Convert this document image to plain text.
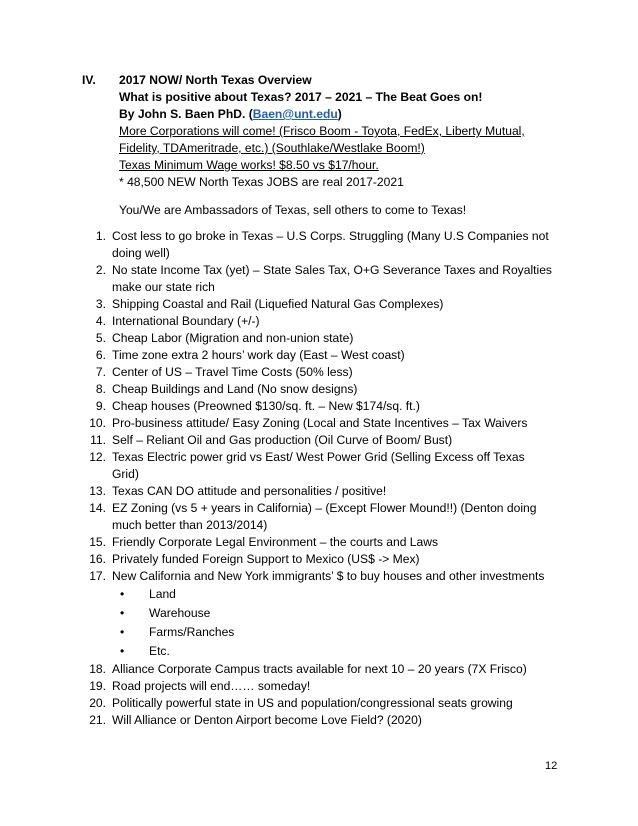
IV.	2017 NOW/ North Texas Overview
What is positive about Texas? 2017 – 2021 – The Beat Goes on!
By John S. Baen PhD. (Baen@unt.edu)
More Corporations will come! (Frisco Boom - Toyota, FedEx, Liberty Mutual,
Fidelity, TDAmeritrade, etc.) (Southlake/Westlake Boom!)
Texas Minimum Wage works! $8.50 vs $17/hour.
* 48,500 NEW North Texas JOBS are real 2017-2021
You/We are Ambassadors of Texas, sell others to come to Texas!
1. Cost less to go broke in Texas – U.S Corps. Struggling (Many U.S Companies not doing well)
2. No state Income Tax (yet) – State Sales Tax, O+G Severance Taxes and Royalties make our state rich
3. Shipping Coastal and Rail (Liquefied Natural Gas Complexes)
4. International Boundary (+/-)
5. Cheap Labor (Migration and non-union state)
6. Time zone extra 2 hours’ work day (East – West coast)
7. Center of US – Travel Time Costs (50% less)
8. Cheap Buildings and Land (No snow designs)
9. Cheap houses (Preowned $130/sq. ft. – New $174/sq. ft.)
10. Pro-business attitude/ Easy Zoning (Local and State Incentives – Tax Waivers
11. Self – Reliant Oil and Gas production (Oil Curve of Boom/ Bust)
12. Texas Electric power grid vs East/ West Power Grid (Selling Excess off Texas Grid)
13. Texas CAN DO attitude and personalities / positive!
14. EZ Zoning (vs 5 + years in California) – (Except Flower Mound!!) (Denton doing much better than 2013/2014)
15. Friendly Corporate Legal Environment – the courts and Laws
16. Privately funded Foreign Support to Mexico (US$ -> Mex)
17. New California and New York immigrants’ $ to buy houses and other investments
•	Land
•	Warehouse
•	Farms/Ranches
•	Etc.
18. Alliance Corporate Campus tracts available for next 10 – 20 years (7X Frisco)
19. Road projects will end…… someday!
20. Politically powerful state in US and population/congressional seats growing
21. Will Alliance or Denton Airport become Love Field? (2020)
12
